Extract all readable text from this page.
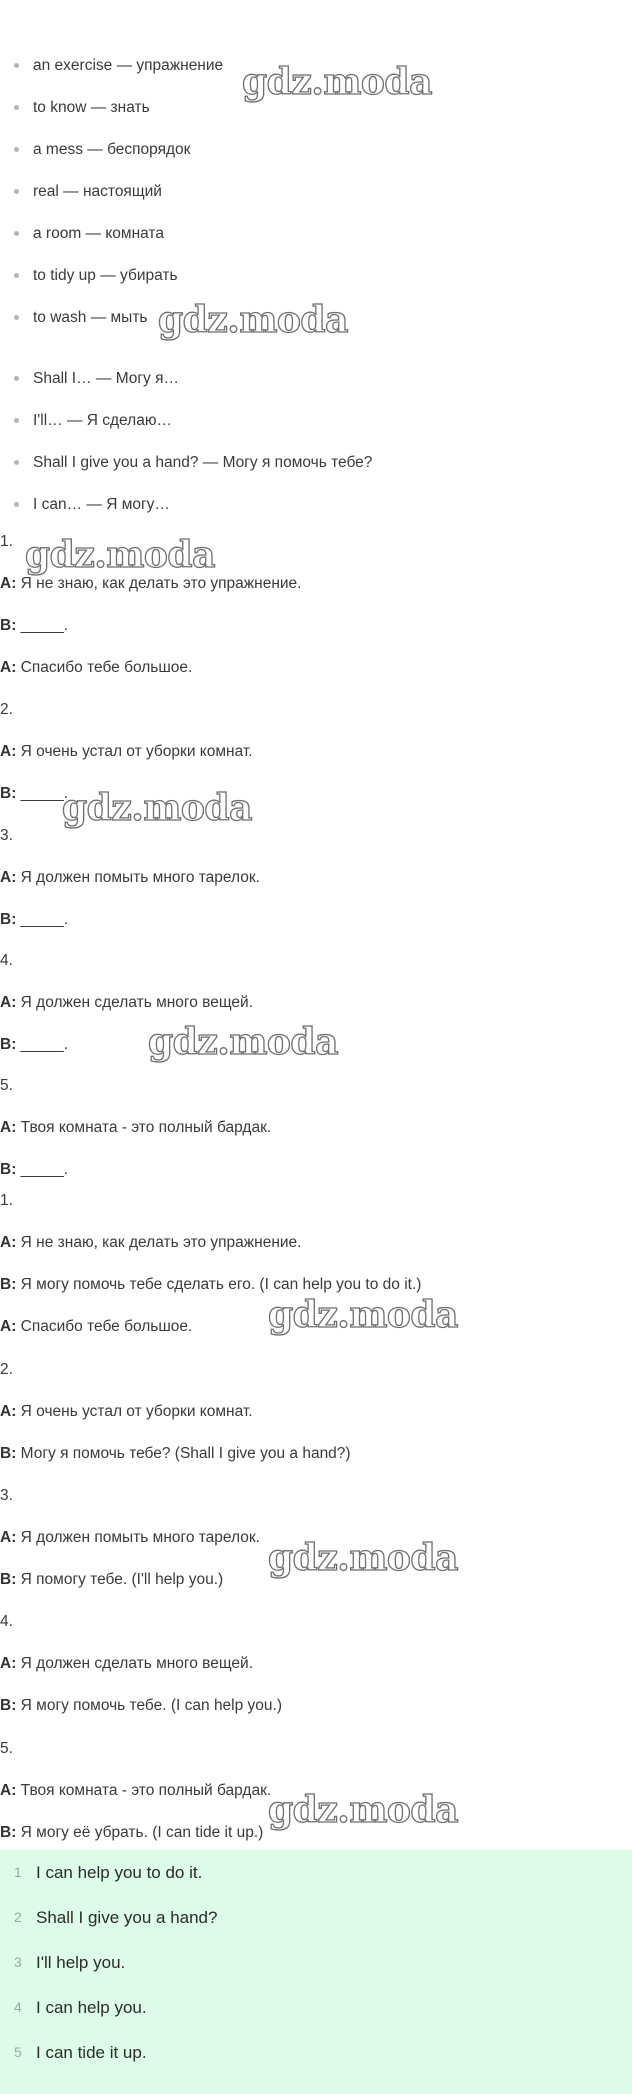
an exercise — упражнение
to know — знать
a mess — беспорядок
real — настоящий
a room — комната
to tidy up — убирать
to wash — мыть
Shall I… — Могу я…
I'll… — Я сделаю…
Shall I give you a hand? — Могу я помочь тебе?
I can… — Я могу…
1.
A: Я не знаю, как делать это упражнение.
B: _____.
A: Спасибо тебе большое.
2.
A: Я очень устал от уборки комнат.
B: _____.
3.
A: Я должен помыть много тарелок.
B: _____.
4.
A: Я должен сделать много вещей.
B: _____.
5.
A: Твоя комната - это полный бардак.
B: _____.
1.
A: Я не знаю, как делать это упражнение.
B: Я могу помочь тебе сделать его. (I can help you to do it.)
A: Спасибо тебе большое.
2.
A: Я очень устал от уборки комнат.
B: Могу я помочь тебе? (Shall I give you a hand?)
3.
A: Я должен помыть много тарелок.
B: Я помогу тебе. (I'll help you.)
4.
A: Я должен сделать много вещей.
B: Я могу помочь тебе. (I can help you.)
5.
A: Твоя комната - это полный бардак.
B: Я могу её убрать. (I can tide it up.)
1 I can help you to do it.
2 Shall I give you a hand?
3 I'll help you.
4 I can help you.
5 I can tide it up.
gdz.moda
gdz.moda
gdz.moda
gdz.moda
gdz.moda
gdz.moda
gdz.moda
gdz.moda
